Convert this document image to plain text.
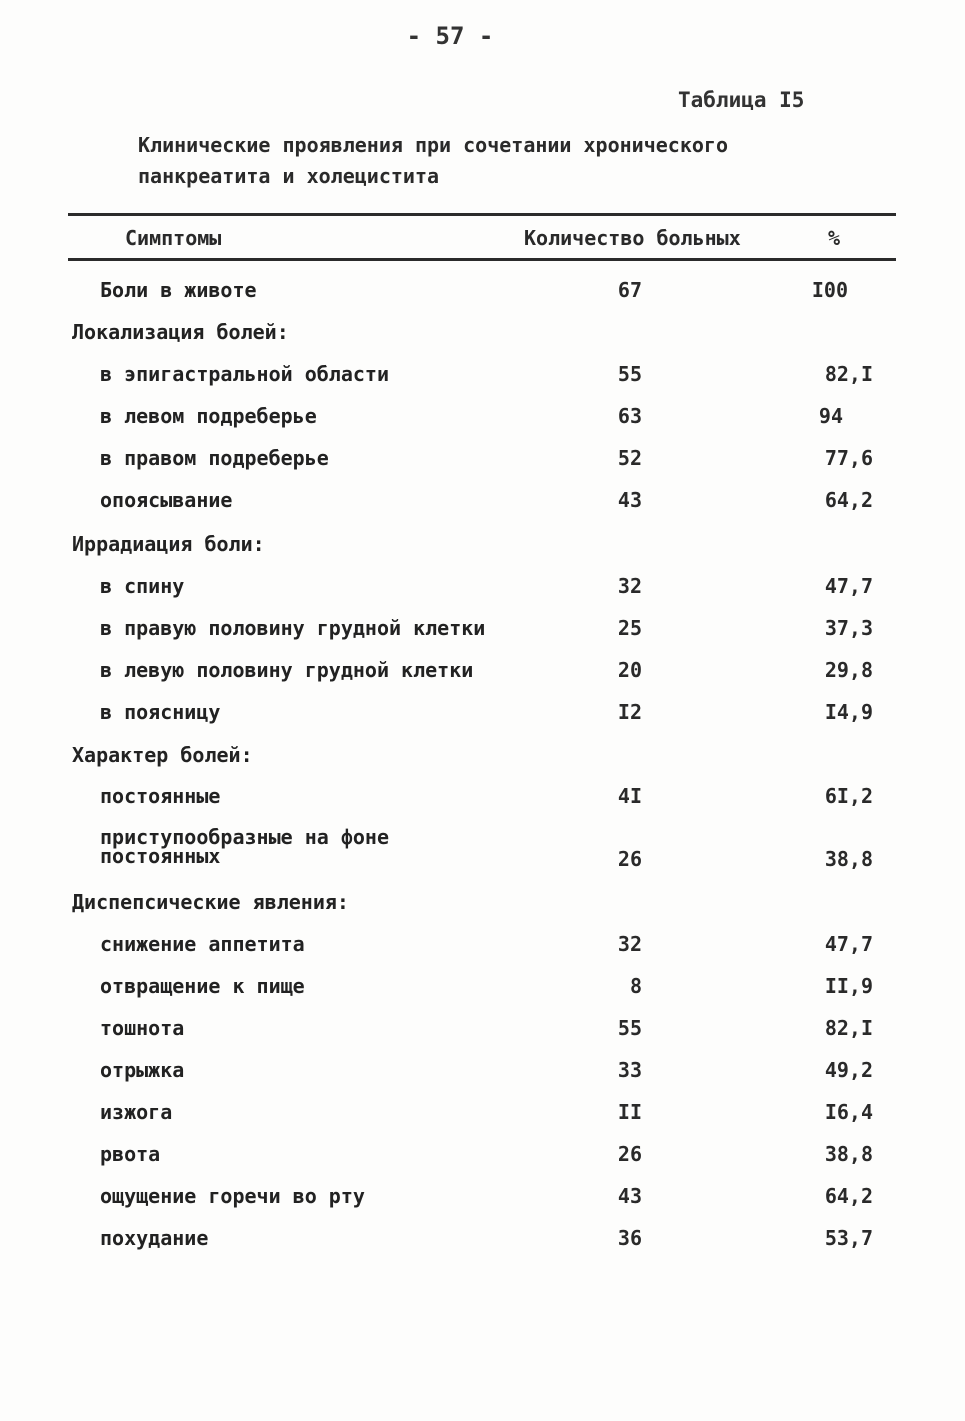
- 57 -
Таблица I5
Клинические проявления при сочетании хронического панкреатита и холецистита
Симптомы	Количество больных	%
Боли в животе	67	I00
Локализация болей:
в эпигастральной области	55	82,I
в левом подреберье	63	94
в правом подреберье	52	77,6
опоясывание	43	64,2
Иррадиация боли:
в спину	32	47,7
в правую половину грудной клетки	25	37,3
в левую половину грудной клетки	20	29,8
в поясницу	I2	I4,9
Характер болей:
постоянные	4I	6I,2
приступообразные на фоне постоянных	26	38,8
Диспепсические явления:
снижение аппетита	32	47,7
отвращение к пище	8	II,9
тошнота	55	82,I
отрыжка	33	49,2
изжога	II	I6,4
рвота	26	38,8
ощущение горечи во рту	43	64,2
похудание	36	53,7
